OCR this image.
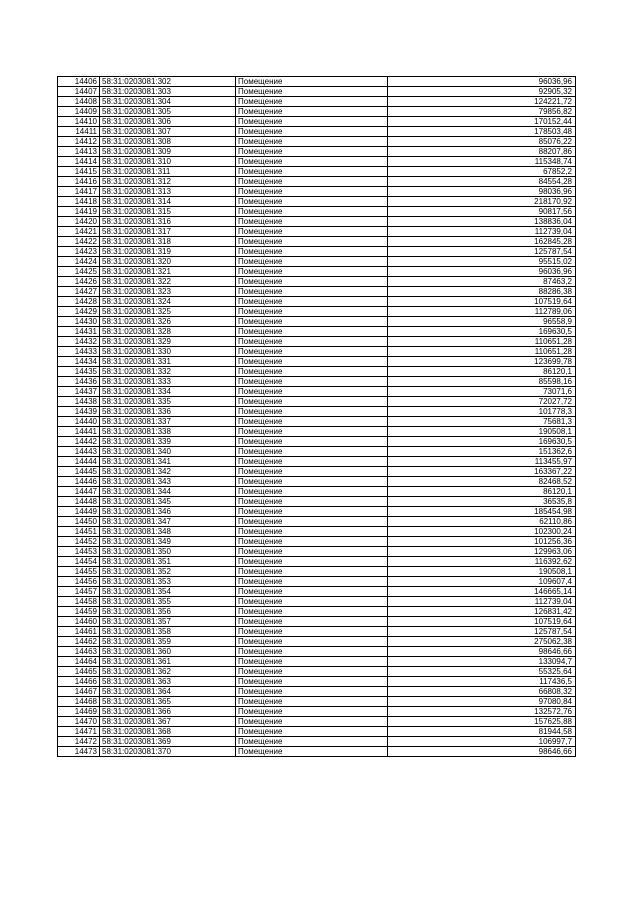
14406	58:31:0203081:302	Помещение	96036,96
14407	58:31:0203081:303	Помещение	92905,32
14408	58:31:0203081:304	Помещение	124221,72
14409	58:31:0203081:305	Помещение	79856,82
14410	58:31:0203081:306	Помещение	170152,44
14411	58:31:0203081:307	Помещение	178503,48
14412	58:31:0203081:308	Помещение	85076,22
14413	58:31:0203081:309	Помещение	88207,86
14414	58:31:0203081:310	Помещение	115348,74
14415	58:31:0203081:311	Помещение	67852,2
14416	58:31:0203081:312	Помещение	84554,28
14417	58:31:0203081:313	Помещение	98036,96
14418	58:31:0203081:314	Помещение	218170,92
14419	58:31:0203081:315	Помещение	90817,56
14420	58:31:0203081:316	Помещение	138836,04
14421	58:31:0203081:317	Помещение	112739,04
14422	58:31:0203081:318	Помещение	162845,28
14423	58:31:0203081:319	Помещение	125787,54
14424	58:31:0203081:320	Помещение	95515,02
14425	58:31:0203081:321	Помещение	96036,96
14426	58:31:0203081:322	Помещение	87463,2
14427	58:31:0203081:323	Помещение	88286,38
14428	58:31:0203081:324	Помещение	107519,64
14429	58:31:0203081:325	Помещение	112789,06
14430	58:31:0203081:326	Помещение	96558,9
14431	58:31:0203081:328	Помещение	169630,5
14432	58:31:0203081:329	Помещение	110651,28
14433	58:31:0203081:330	Помещение	110651,28
14434	58:31:0203081:331	Помещение	123699,78
14435	58:31:0203081:332	Помещение	86120,1
14436	58:31:0203081:333	Помещение	85598,16
14437	58:31:0203081:334	Помещение	73071,6
14438	58:31:0203081:335	Помещение	72027,72
14439	58:31:0203081:336	Помещение	101778,3
14440	58:31:0203081:337	Помещение	75681,3
14441	58:31:0203081:338	Помещение	190508,1
14442	58:31:0203081:339	Помещение	169630,5
14443	58:31:0203081:340	Помещение	151362,6
14444	58:31:0203081:341	Помещение	113455,97
14445	58:31:0203081:342	Помещение	163367,22
14446	58:31:0203081:343	Помещение	82468,52
14447	58:31:0203081:344	Помещение	86120,1
14448	58:31:0203081:345	Помещение	36535,8
14449	58:31:0203081:346	Помещение	185454,98
14450	58:31:0203081:347	Помещение	62110,86
14451	58:31:0203081:348	Помещение	102300,24
14452	58:31:0203081:349	Помещение	101256,36
14453	58:31:0203081:350	Помещение	129963,06
14454	58:31:0203081:351	Помещение	116392,62
14455	58:31:0203081:352	Помещение	190508,1
14456	58:31:0203081:353	Помещение	109607,4
14457	58:31:0203081:354	Помещение	146665,14
14458	58:31:0203081:355	Помещение	112739,04
14459	58:31:0203081:356	Помещение	126831,42
14460	58:31:0203081:357	Помещение	107519,64
14461	58:31:0203081:358	Помещение	125787,54
14462	58:31:0203081:359	Помещение	275062,38
14463	58:31:0203081:360	Помещение	98646,66
14464	58:31:0203081:361	Помещение	133094,7
14465	58:31:0203081:362	Помещение	55325,64
14466	58:31:0203081:363	Помещение	117436,5
14467	58:31:0203081:364	Помещение	66808,32
14468	58:31:0203081:365	Помещение	97080,84
14469	58:31:0203081:366	Помещение	132572,76
14470	58:31:0203081:367	Помещение	157625,88
14471	58:31:0203081:368	Помещение	81944,58
14472	58:31:0203081:369	Помещение	106997,7
14473	58:31:0203081:370	Помещение	98646,66
